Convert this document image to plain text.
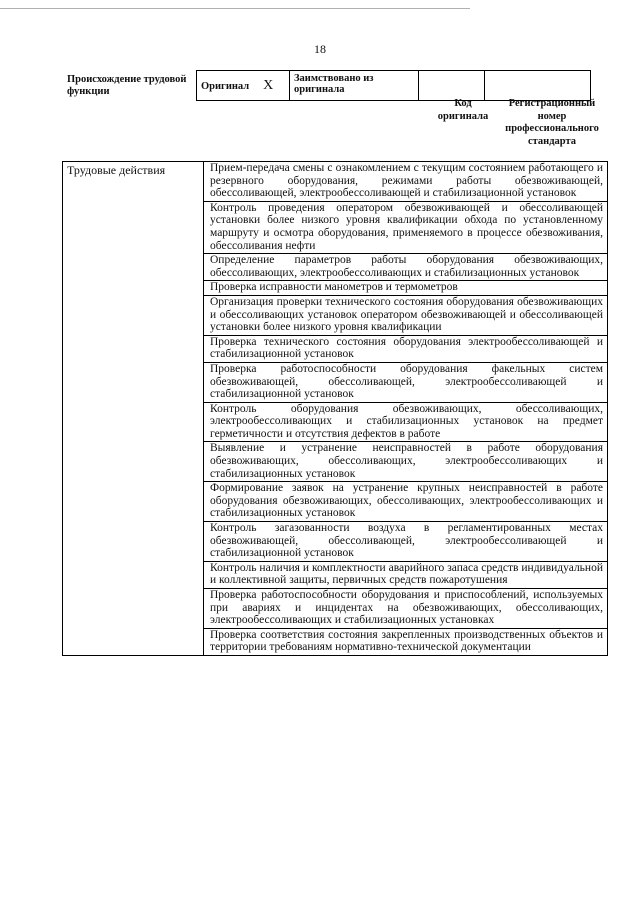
18
Происхождение трудовой функции	Оригинал X	Заимствовано из оригинала		
Код оригинала
Регистрационный номер профессионального стандарта
Трудовые действия	Прием-передача смены с ознакомлением с текущим состоянием работающего и резервного оборудования, режимами работы обезвоживающей, обессоливающей, электрообессоливающей и стабилизационной установок
Контроль проведения оператором обезвоживающей и обессоливающей установки более низкого уровня квалификации обхода по установленному маршруту и осмотра оборудования, применяемого в процессе обезвоживания, обессоливания нефти
Определение параметров работы оборудования обезвоживающих, обессоливающих, электрообессоливающих и стабилизационных установок
Проверка исправности манометров и термометров
Организация проверки технического состояния оборудования обезвоживающих и обессоливающих установок оператором обезвоживающей и обессоливающей установки более низкого уровня квалификации
Проверка технического состояния оборудования электрообессоливающей и стабилизационной установок
Проверка работоспособности оборудования факельных систем обезвоживающей, обессоливающей, электрообессоливающей и стабилизационной установок
Контроль оборудования обезвоживающих, обессоливающих, электрообессоливающих и стабилизационных установок на предмет герметичности и отсутствия дефектов в работе
Выявление и устранение неисправностей в работе оборудования обезвоживающих, обессоливающих, электрообессоливающих и стабилизационных установок
Формирование заявок на устранение крупных неисправностей в работе оборудования обезвоживающих, обессоливающих, электрообессоливающих и стабилизационных установок
Контроль загазованности воздуха в регламентированных местах обезвоживающей, обессоливающей, электрообессоливающей и стабилизационной установок
Контроль наличия и комплектности аварийного запаса средств индивидуальной и коллективной защиты, первичных средств пожаротушения
Проверка работоспособности оборудования и приспособлений, используемых при авариях и инцидентах на обезвоживающих, обессоливающих, электрообессоливающих и стабилизационных установках
Проверка соответствия состояния закрепленных производственных объектов и территории требованиям нормативно-технической документации
